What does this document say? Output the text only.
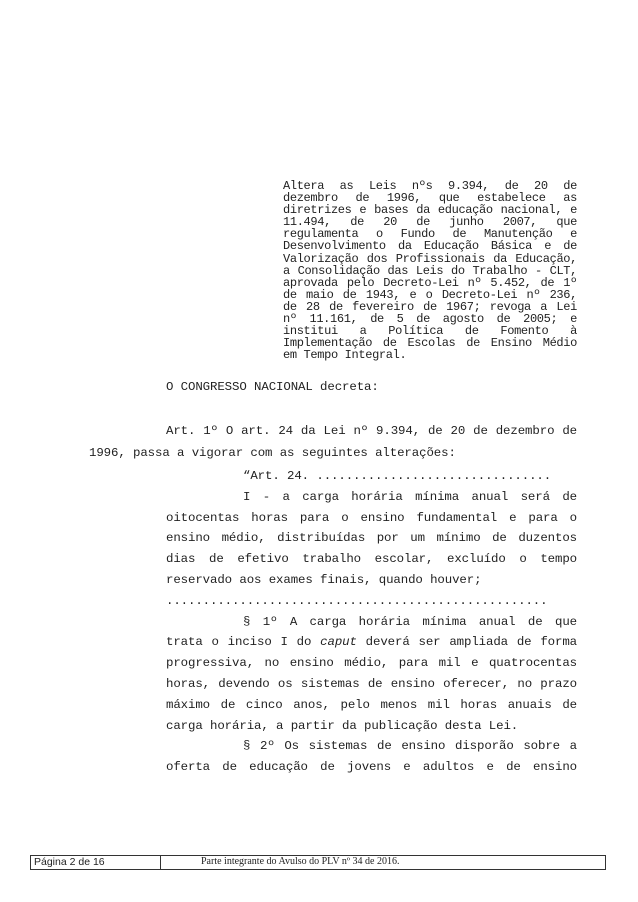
Altera as Leis nºs 9.394, de 20 de dezembro de 1996, que estabelece as diretrizes e bases da educação nacional, e 11.494, de 20 de junho 2007, que regulamenta o Fundo de Manutenção e Desenvolvimento da Educação Básica e de Valorização dos Profissionais da Educação, a Consolidação das Leis do Trabalho - CLT, aprovada pelo Decreto-Lei nº 5.452, de 1º de maio de 1943, e o Decreto-Lei nº 236, de 28 de fevereiro de 1967; revoga a Lei nº 11.161, de 5 de agosto de 2005; e institui a Política de Fomento à Implementação de Escolas de Ensino Médio em Tempo Integral.

O CONGRESSO NACIONAL decreta:

Art. 1º O art. 24 da Lei nº 9.394, de 20 de dezembro de 1996, passa a vigorar com as seguintes alterações:

“Art. 24. ................................

I - a carga horária mínima anual será de oitocentas horas para o ensino fundamental e para o ensino médio, distribuídas por um mínimo de duzentos dias de efetivo trabalho escolar, excluído o tempo reservado aos exames finais, quando houver;

....................................................

§ 1º A carga horária mínima anual de que trata o inciso I do caput deverá ser ampliada de forma progressiva, no ensino médio, para mil e quatrocentas horas, devendo os sistemas de ensino oferecer, no prazo máximo de cinco anos, pelo menos mil horas anuais de carga horária, a partir da publicação desta Lei.

§ 2º Os sistemas de ensino disporão sobre a oferta de educação de jovens e adultos e de ensino

Página 2 de 16	Parte integrante do Avulso do PLV nº 34 de 2016.
